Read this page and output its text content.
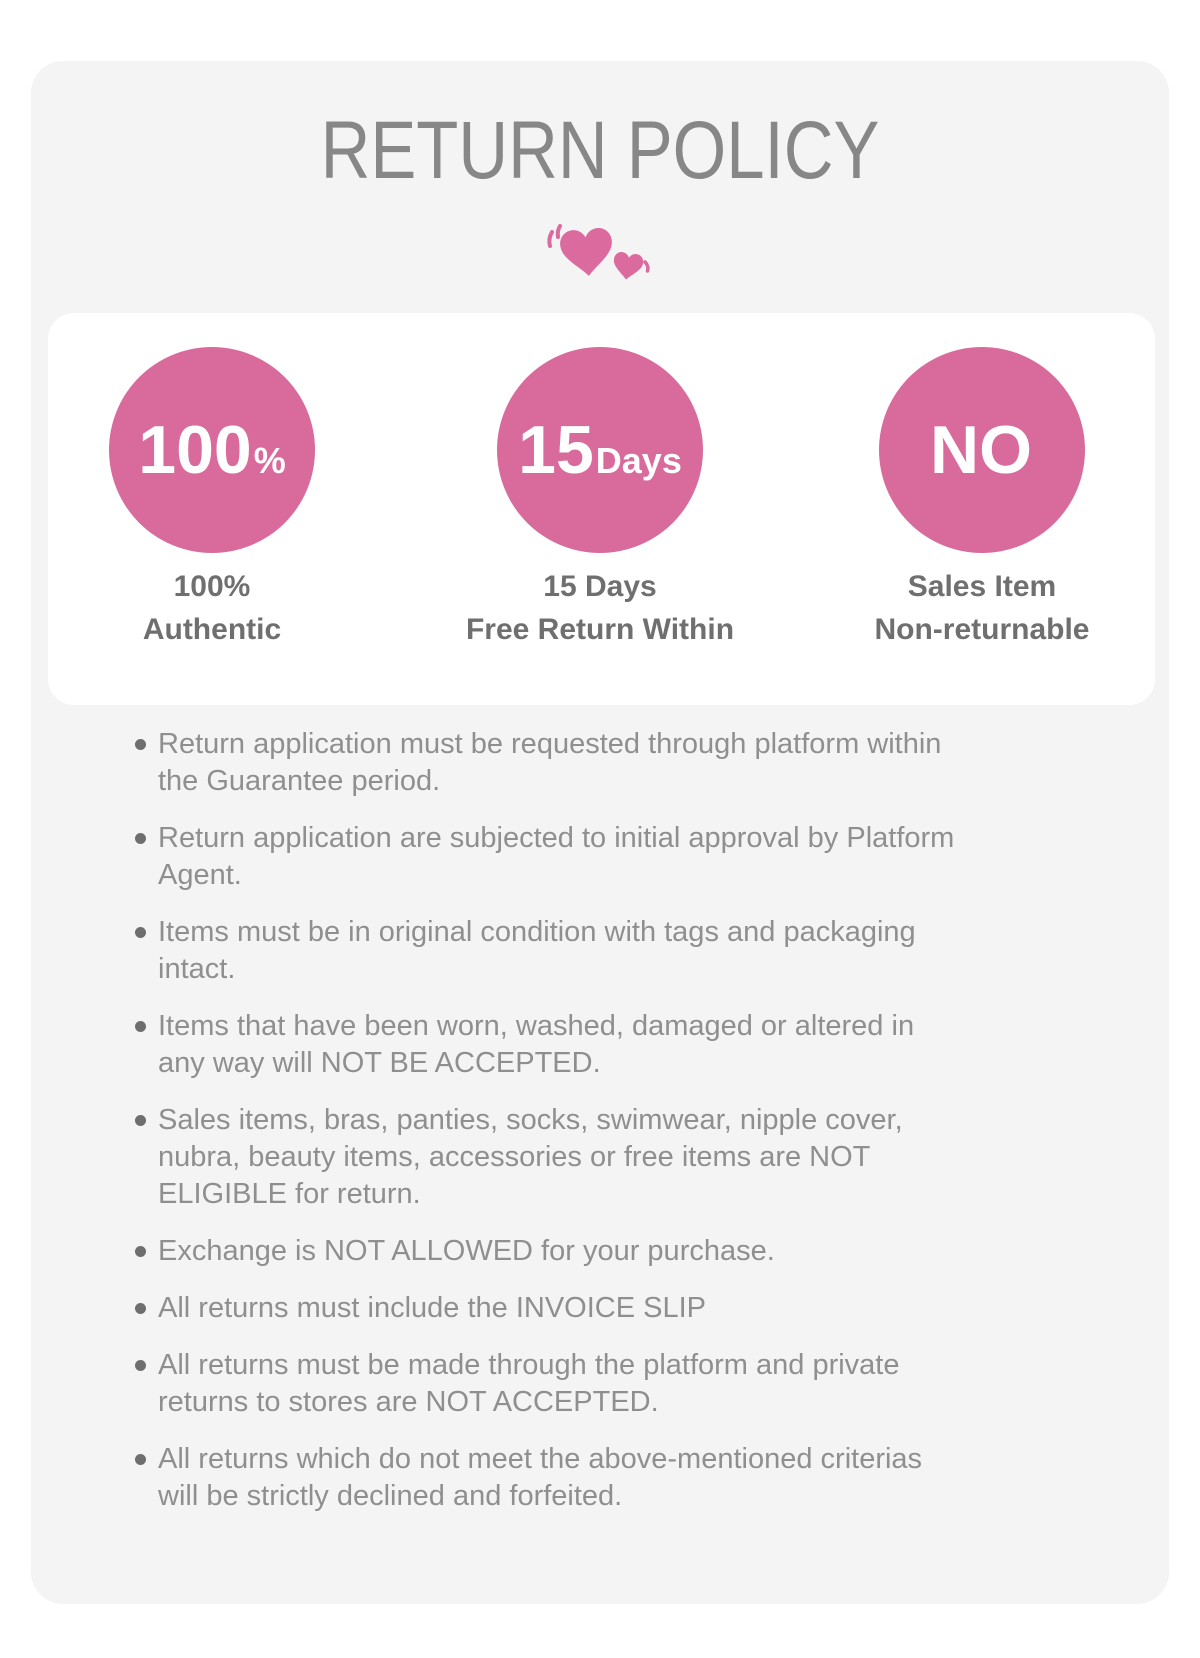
RETURN POLICY
100 %
100%
Authentic
15 Days
15 Days
Free Return Within
NO
Sales Item
Non-returnable
Return application must be requested through platform within
the Guarantee period.
Return application are subjected to initial approval by Platform
Agent.
Items must be in original condition with tags and packaging
intact.
Items that have been worn, washed, damaged or altered in
any way will NOT BE ACCEPTED.
Sales items, bras, panties, socks, swimwear, nipple cover,
nubra, beauty items, accessories or free items are NOT
ELIGIBLE for return.
Exchange is NOT ALLOWED for your purchase.
All returns must include the INVOICE SLIP
All returns must be made through the platform and private
returns to stores are NOT ACCEPTED.
All returns which do not meet the above-mentioned criterias
will be strictly declined and forfeited.
